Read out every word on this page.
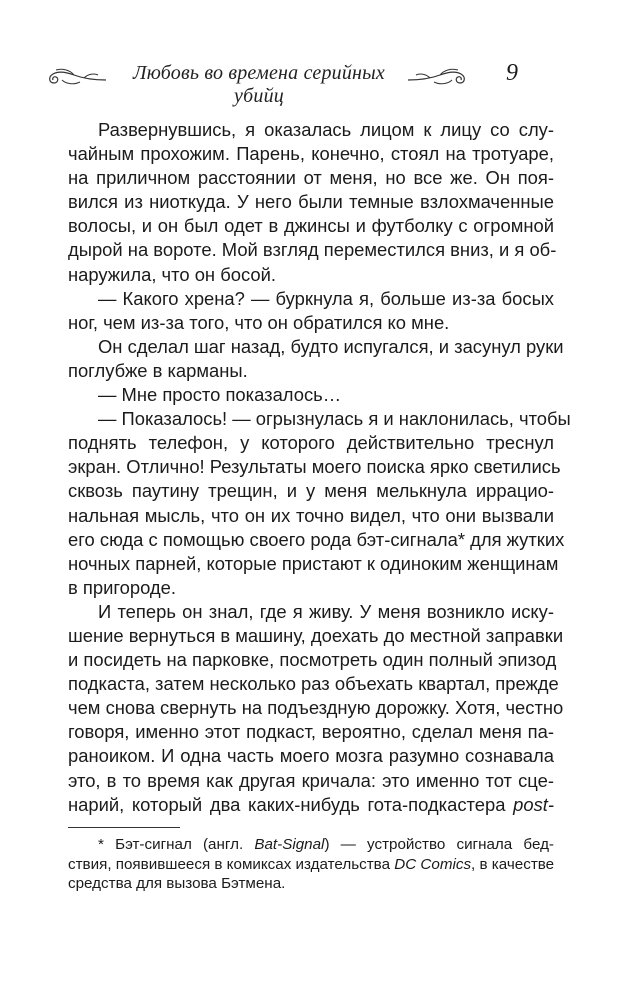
Любовь во времена серийных убийц
9
Развернувшись, я оказалась лицом к лицу со слу-
чайным прохожим. Парень, конечно, стоял на тротуаре,
на приличном расстоянии от меня, но все же. Он поя-
вился из ниоткуда. У него были темные взлохмаченные
волосы, и он был одет в джинсы и футболку с огромной
дырой на вороте. Мой взгляд переместился вниз, и я об-
наружила, что он босой.
— Какого хрена? — буркнула я, больше из-за босых
ног, чем из-за того, что он обратился ко мне.
Он сделал шаг назад, будто испугался, и засунул руки
поглубже в карманы.
— Мне просто показалось…
— Показалось! — огрызнулась я и наклонилась, чтобы
поднять телефон, у которого действительно треснул
экран. Отлично! Результаты моего поиска ярко светились
сквозь паутину трещин, и у меня мелькнула иррацио-
нальная мысль, что он их точно видел, что они вызвали
его сюда с помощью своего рода бэт-сигнала* для жутких
ночных парней, которые пристают к одиноким женщинам
в пригороде.
И теперь он знал, где я живу. У меня возникло иску-
шение вернуться в машину, доехать до местной заправки
и посидеть на парковке, посмотреть один полный эпизод
подкаста, затем несколько раз объехать квартал, прежде
чем снова свернуть на подъездную дорожку. Хотя, честно
говоря, именно этот подкаст, вероятно, сделал меня па-
раноиком. И одна часть моего мозга разумно сознавала
это, в то время как другая кричала: это именно тот сце-
нарий, который два каких-нибудь гота-подкастера post-
* Бэт-сигнал (англ. Bat-Signal) — устройство сигнала бед-
ствия, появившееся в комиксах издательства DC Comics, в качестве
средства для вызова Бэтмена.
